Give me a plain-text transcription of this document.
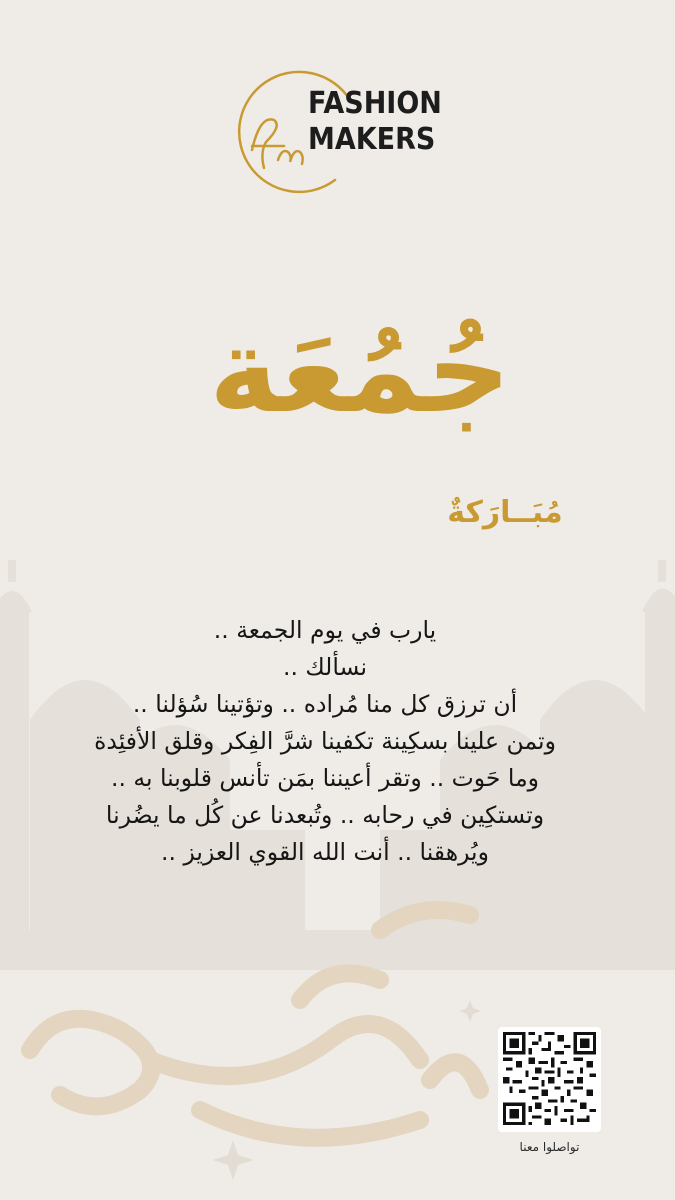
FASHION
MAKERS
جُمُعَة
مُبَــارَكةٌ
يارب في يوم الجمعة ..
نسألك ..
أن ترزق كل منا مُراده .. وتؤتينا سُؤلنا ..
وتمن علينا بسكِينة تكفينا شرَّ الفِكر وقلق الأفئِدة
وما حَوت .. وتقر أعيننا بمَن تأنس قلوبنا به ..
وتستكِين في رحابه .. وتُبعدنا عن كُل ما يضُرنا
ويُرهقنا .. أنت الله القوي العزيز ..
تواصلوا معنا
